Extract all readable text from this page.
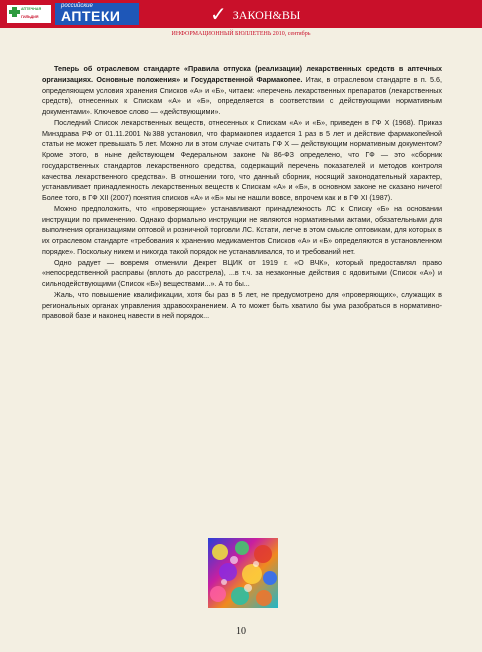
АПТЕЧНАЯ
ГИЛЬДИЯ
российские
АПТЕКИ	✓ ЗАКОН&ВЫ
ИНФОРМАЦИОННЫЙ БЮЛЛЕТЕНЬ 2010, сентябрь

Теперь об отраслевом стандарте «Правила отпуска (реализации) лекарственных средств в аптечных организациях. Основные положения» и Государственной Фармакопее. Итак, в отраслевом стандарте в п. 5.6, определяющем условия хранения Списков «А» и «Б», читаем: «перечень лекарственных препаратов (лекарственных средств), отнесенных к Спискам «А» и «Б», определяется в соответствии с действующими нормативным документами». Ключевое слово — «действующими».

Последний Список лекарственных веществ, отнесенных к Спискам «А» и «Б», приведен в ГФ X (1968). Приказ Минздрава РФ от 01.11.2001 №388 установил, что фармакопея издается 1 раз в 5 лет и действие фармакопейной статьи не может превышать 5 лет. Можно ли в этом случае считать ГФ X — действующим нормативным документом? Кроме этого, в ныне действующем Федеральном законе №86-ФЗ определено, что ГФ — это «сборник государственных стандартов лекарственного средства, содержащий перечень показателей и методов контроля качества лекарственного средства». В отношении того, что данный сборник, носящий законодательный характер, устанавливает принадлежность лекарственных веществ к Спискам «А» и «Б», в основном законе не сказано ничего! Более того, в ГФ XII (2007) понятия списков «А» и «Б» мы не нашли вовсе, впрочем как и в ГФ XI (1987).

Можно предположить, что «проверяющие» устанавливают принадлежность ЛС к Списку «Б» на основании инструкции по применению. Однако формально инструкции не являются нормативными актами, обязательными для выполнения организациями оптовой и розничной торговли ЛС. Кстати, легче в этом смысле оптовикам, для которых в их отраслевом стандарте «требования к хранению медикаментов Списков «А» и «Б» определяются в установленном порядке». Поскольку никем и никогда такой порядок не устанавливался, то и требований нет.

Одно радует — вовремя отменили Декрет ВЦИК от 1919 г. «О ВЧК», который предоставлял право «непосредственной расправы (вплоть до расстрела), ...в т.ч. за незаконные действия с ядовитыми (Список «А») и сильнодействующими (Список «Б») веществами...». А то бы...

Жаль, что повышение квалификации, хотя бы раз в 5 лет, не предусмотрено для «проверяющих», служащих в региональных органах управления здравоохранением. А то может быть хватило бы ума разобраться в нормативно-правовой базе и наконец навести в ней порядок...

10
